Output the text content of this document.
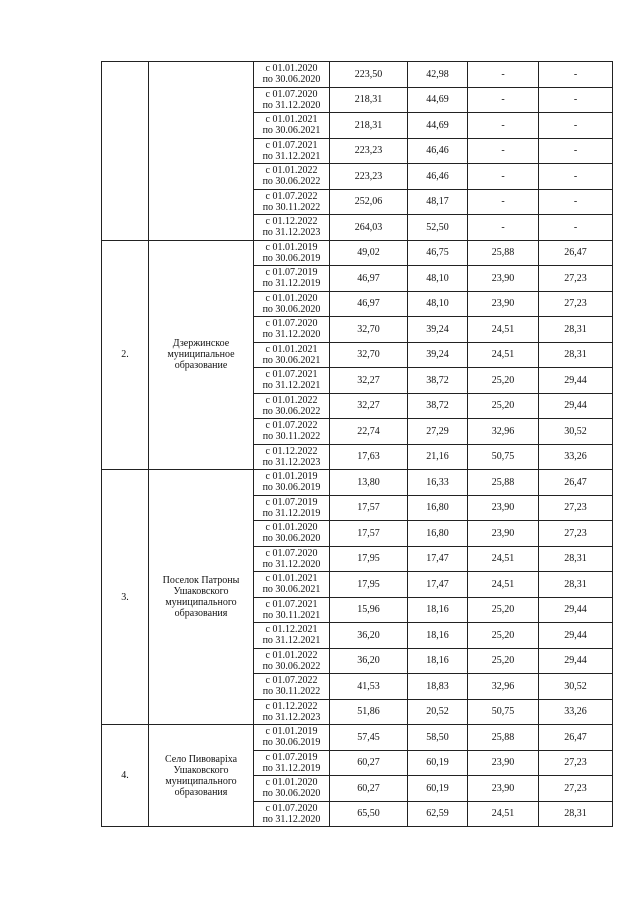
		с 01.01.2020
по 30.06.2020	223,50	42,98	-	-

		с 01.07.2020
по 31.12.2020	218,31	44,69	-	-

		с 01.01.2021
по 30.06.2021	218,31	44,69	-	-

		с 01.07.2021
по 31.12.2021	223,23	46,46	-	-

		с 01.01.2022
по 30.06.2022	223,23	46,46	-	-

		с 01.07.2022
по 30.11.2022	252,06	48,17	-	-

		с 01.12.2022
по 31.12.2023	264,03	52,50	-	-
2.	Дзержинское муниципальное образование	с 01.01.2019
по 30.06.2019	49,02	46,75	25,88	26,47

		с 01.07.2019
по 31.12.2019	46,97	48,10	23,90	27,23

		с 01.01.2020
по 30.06.2020	46,97	48,10	23,90	27,23

		с 01.07.2020
по 31.12.2020	32,70	39,24	24,51	28,31

		с 01.01.2021
по 30.06.2021	32,70	39,24	24,51	28,31

		с 01.07.2021
по 31.12.2021	32,27	38,72	25,20	29,44

		с 01.01.2022
по 30.06.2022	32,27	38,72	25,20	29,44

		с 01.07.2022
по 30.11.2022	22,74	27,29	32,96	30,52

		с 01.12.2022
по 31.12.2023	17,63	21,16	50,75	33,26
3.	Поселок Патроны Ушаковского муниципального образования	с 01.01.2019
по 30.06.2019	13,80	16,33	25,88	26,47

		с 01.07.2019
по 31.12.2019	17,57	16,80	23,90	27,23

		с 01.01.2020
по 30.06.2020	17,57	16,80	23,90	27,23

		с 01.07.2020
по 31.12.2020	17,95	17,47	24,51	28,31

		с 01.01.2021
по 30.06.2021	17,95	17,47	24,51	28,31

		с 01.07.2021
по 30.11.2021	15,96	18,16	25,20	29,44

		с 01.12.2021
по 31.12.2021	36,20	18,16	25,20	29,44

		с 01.01.2022
по 30.06.2022	36,20	18,16	25,20	29,44

		с 01.07.2022
по 30.11.2022	41,53	18,83	32,96	30,52

		с 01.12.2022
по 31.12.2023	51,86	20,52	50,75	33,26
4.	Село Пивоварiха Ушаковского муниципального образования	с 01.01.2019
по 30.06.2019	57,45	58,50	25,88	26,47

		с 01.07.2019
по 31.12.2019	60,27	60,19	23,90	27,23

		с 01.01.2020
по 30.06.2020	60,27	60,19	23,90	27,23

		с 01.07.2020
по 31.12.2020	65,50	62,59	24,51	28,31
